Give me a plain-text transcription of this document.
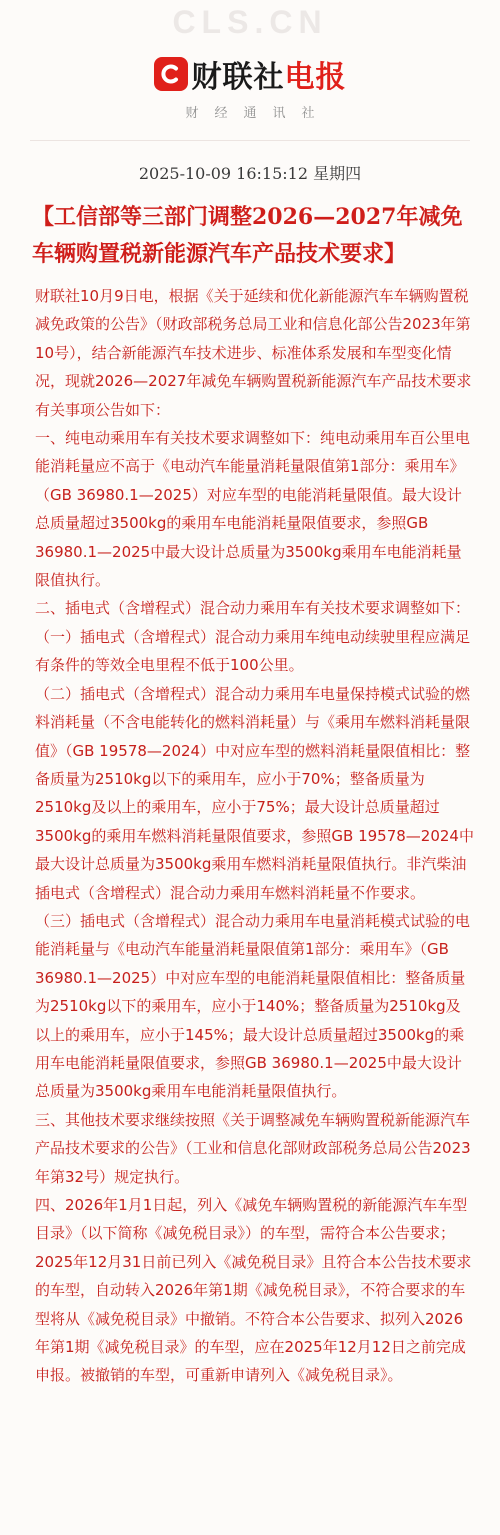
CLS.CN
财联社电报
财经通讯社
2025-10-09 16:15:12 星期四
【工信部等三部门调整2026—2027年减免车辆购置税新能源汽车产品技术要求】

财联社10月9日电，根据《关于延续和优化新能源汽车车辆购置税减免政策的公告》（财政部税务总局工业和信息化部公告2023年第10号），结合新能源汽车技术进步、标准体系发展和车型变化情况，现就2026—2027年减免车辆购置税新能源汽车产品技术要求有关事项公告如下：

一、纯电动乘用车有关技术要求调整如下：纯电动乘用车百公里电能消耗量应不高于《电动汽车能量消耗量限值第1部分：乘用车》（GB 36980.1—2025）对应车型的电能消耗量限值。最大设计总质量超过3500kg的乘用车电能消耗量限值要求，参照GB 36980.1—2025中最大设计总质量为3500kg乘用车电能消耗量限值执行。

二、插电式（含增程式）混合动力乘用车有关技术要求调整如下：

（一）插电式（含增程式）混合动力乘用车纯电动续驶里程应满足有条件的等效全电里程不低于100公里。

（二）插电式（含增程式）混合动力乘用车电量保持模式试验的燃料消耗量（不含电能转化的燃料消耗量）与《乘用车燃料消耗量限值》（GB 19578—2024）中对应车型的燃料消耗量限值相比：整备质量为2510kg以下的乘用车，应小于70%；整备质量为2510kg及以上的乘用车，应小于75%；最大设计总质量超过3500kg的乘用车燃料消耗量限值要求，参照GB 19578—2024中最大设计总质量为3500kg乘用车燃料消耗量限值执行。非汽柴油插电式（含增程式）混合动力乘用车燃料消耗量不作要求。

（三）插电式（含增程式）混合动力乘用车电量消耗模式试验的电能消耗量与《电动汽车能量消耗量限值第1部分：乘用车》（GB 36980.1—2025）中对应车型的电能消耗量限值相比：整备质量为2510kg以下的乘用车，应小于140%；整备质量为2510kg及以上的乘用车，应小于145%；最大设计总质量超过3500kg的乘用车电能消耗量限值要求，参照GB 36980.1—2025中最大设计总质量为3500kg乘用车电能消耗量限值执行。

三、其他技术要求继续按照《关于调整减免车辆购置税新能源汽车产品技术要求的公告》（工业和信息化部财政部税务总局公告2023年第32号）规定执行。

四、2026年1月1日起，列入《减免车辆购置税的新能源汽车车型目录》（以下简称《减免税目录》）的车型，需符合本公告要求；2025年12月31日前已列入《减免税目录》且符合本公告技术要求的车型，自动转入2026年第1期《减免税目录》，不符合要求的车型将从《减免税目录》中撤销。不符合本公告要求、拟列入2026年第1期《减免税目录》的车型，应在2025年12月12日之前完成申报。被撤销的车型，可重新申请列入《减免税目录》。
